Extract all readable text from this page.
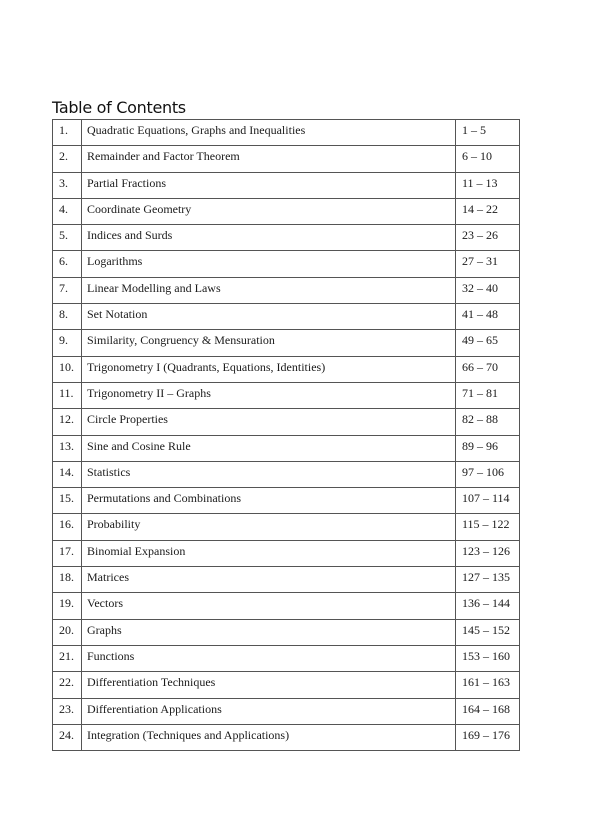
Table of Contents
1.	Quadratic Equations, Graphs and Inequalities	1 – 5

2.	Remainder and Factor Theorem	6 – 10

3.	Partial Fractions	11 – 13

4.	Coordinate Geometry	14 – 22

5.	Indices and Surds	23 – 26

6.	Logarithms	27 – 31

7.	Linear Modelling and Laws	32 – 40

8.	Set Notation	41 – 48

9.	Similarity, Congruency & Mensuration	49 – 65

10.	Trigonometry I (Quadrants, Equations, Identities)	66 – 70

11.	Trigonometry II – Graphs	71 – 81

12.	Circle Properties	82 – 88

13.	Sine and Cosine Rule	89 – 96

14.	Statistics	97 – 106

15.	Permutations and Combinations	107 – 114

16.	Probability	115 – 122

17.	Binomial Expansion	123 – 126

18.	Matrices	127 – 135

19.	Vectors	136 – 144

20.	Graphs	145 – 152

21.	Functions	153 – 160

22.	Differentiation Techniques	161 – 163

23.	Differentiation Applications	164 – 168

24.	Integration (Techniques and Applications)	169 – 176
